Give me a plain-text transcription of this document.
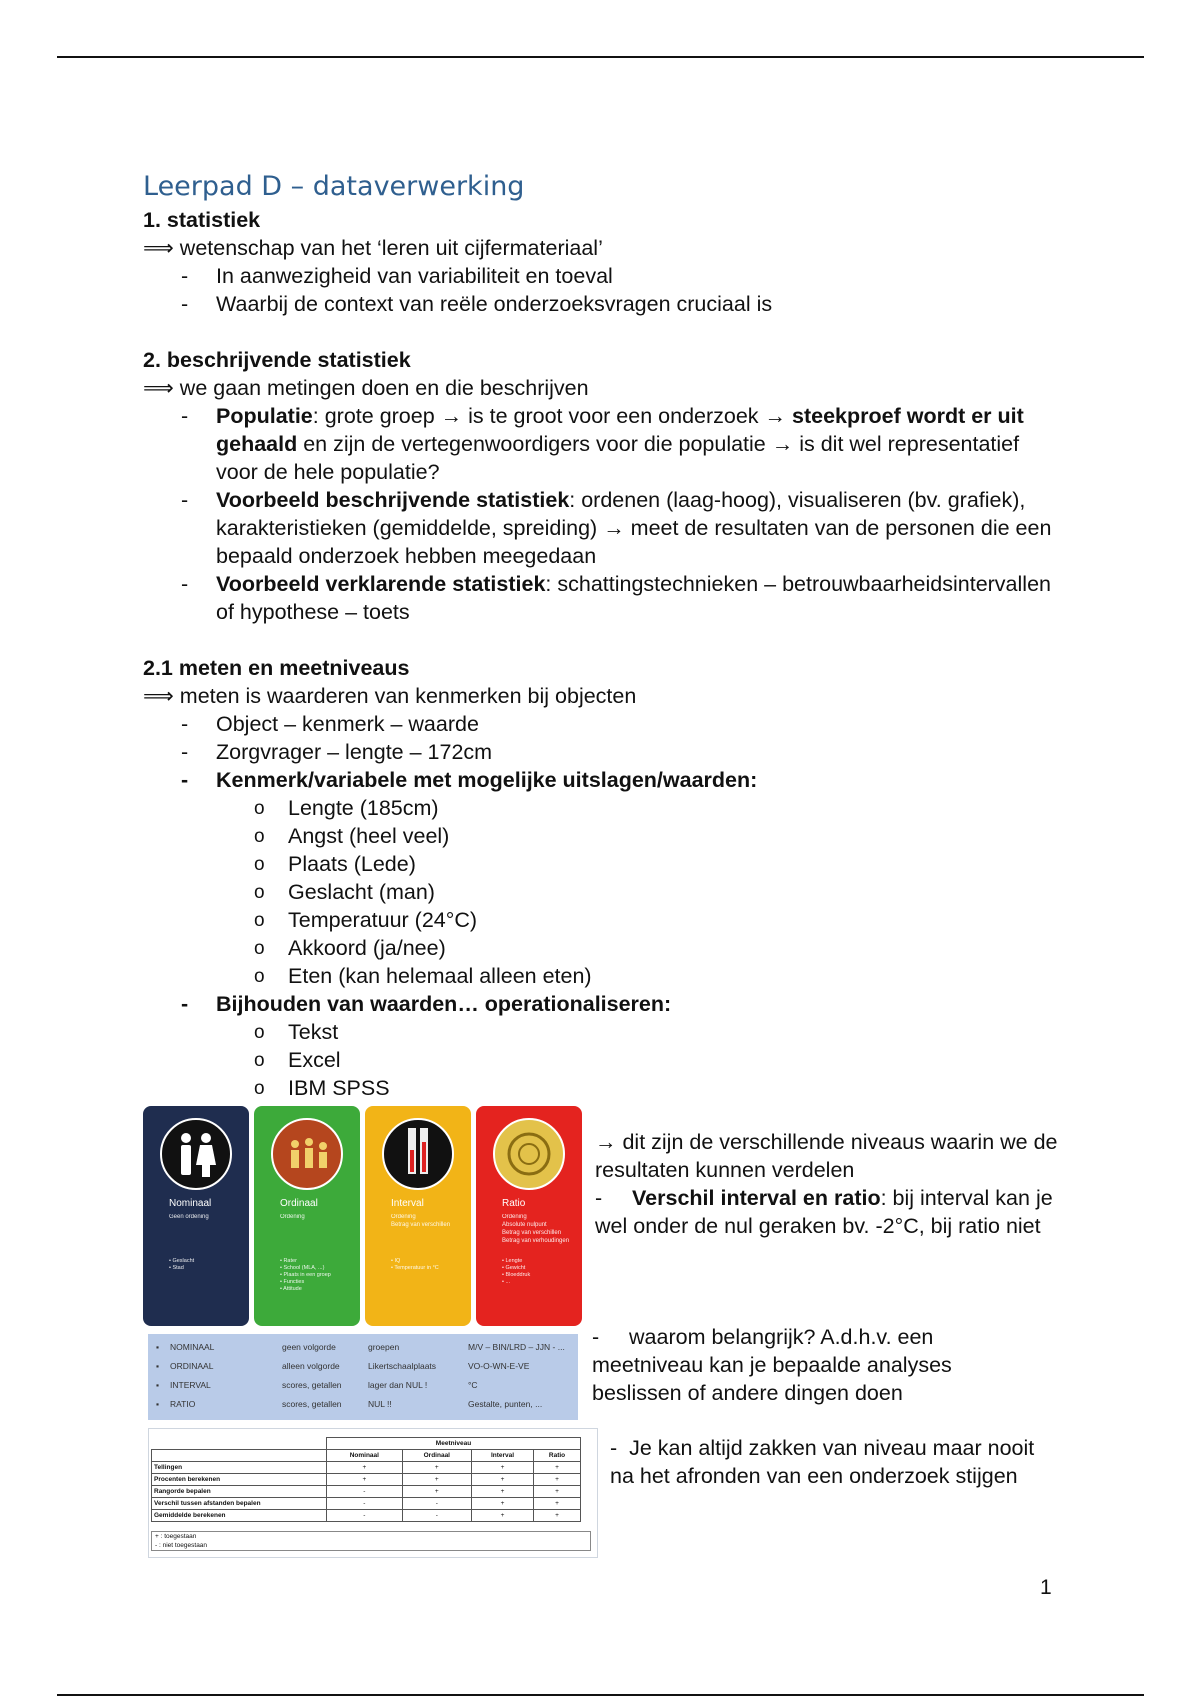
Leerpad D – dataverwerking
1. statistiek
⟹ wetenschap van het ‘leren uit cijfermateriaal’
- In aanwezigheid van variabiliteit en toeval
- Waarbij de context van reële onderzoeksvragen cruciaal is
2. beschrijvende statistiek
⟹ we gaan metingen doen en die beschrijven
- Populatie: grote groep → is te groot voor een onderzoek → steekproef wordt er uit gehaald en zijn de vertegenwoordigers voor die populatie → is dit wel representatief voor de hele populatie?
- Voorbeeld beschrijvende statistiek: ordenen (laag-hoog), visualiseren (bv. grafiek), karakteristieken (gemiddelde, spreiding) → meet de resultaten van de personen die een bepaald onderzoek hebben meegedaan
- Voorbeeld verklarende statistiek: schattingstechnieken – betrouwbaarheidsintervallen of hypothese – toets
2.1 meten en meetniveaus
⟹ meten is waarderen van kenmerken bij objecten
- Object – kenmerk – waarde
- Zorgvrager – lengte – 172cm
- Kenmerk/variabele met mogelijke uitslagen/waarden:
o Lengte (185cm)
o Angst (heel veel)
o Plaats (Lede)
o Geslacht (man)
o Temperatuur (24°C)
o Akkoord (ja/nee)
o Eten (kan helemaal alleen eten)
- Bijhouden van waarden… operationaliseren:
o Tekst
o Excel
o IBM SPSS
Nominaal
Geen ordening
• Geslacht
• Stad
Ordinaal
Ordening
• Rater
• School (MLA, ...)
• Plaats in een groep
• Functies
• Attitude
Interval
Ordening
Betrag van verschillen
• IQ
• Temperatuur in °C
Ratio
Ordening
Absolute nulpunt
Betrag van verschillen
Betrag van verhoudingen
• Lengte
• Gewicht
• Bloeddruk
• ...
▪ NOMINAAL	geen volgorde	groepen	M/V – BIN/LRD – JJN - ...
▪ ORDINAAL	alleen volgorde	Likertschaalplaats	VO-O-WN-E-VE
▪ INTERVAL	scores, getallen	lager dan NUL !	°C
▪ RATIO	scores, getallen	NUL !!	Gestalte, punten, ...
	Meetniveau			
	Nominaal	Ordinaal	Interval	Ratio
Tellingen	+	+	+	+
Procenten berekenen	+	+	+	+
Rangorde bepalen	-	+	+	+
Verschil tussen afstanden bepalen	-	-	+	+
Gemiddelde berekenen	-	-	+	+
+ : toegestaan
- : niet toegestaan
→ dit zijn de verschillende niveaus waarin we de resultaten kunnen verdelen
-     Verschil interval en ratio: bij interval kan je wel onder de nul geraken bv. -2°C, bij ratio niet
-     waarom belangrijk? A.d.h.v. een meetniveau kan je bepaalde analyses beslissen of andere dingen doen
-  Je kan altijd zakken van niveau maar nooit na het afronden van een onderzoek stijgen
1
